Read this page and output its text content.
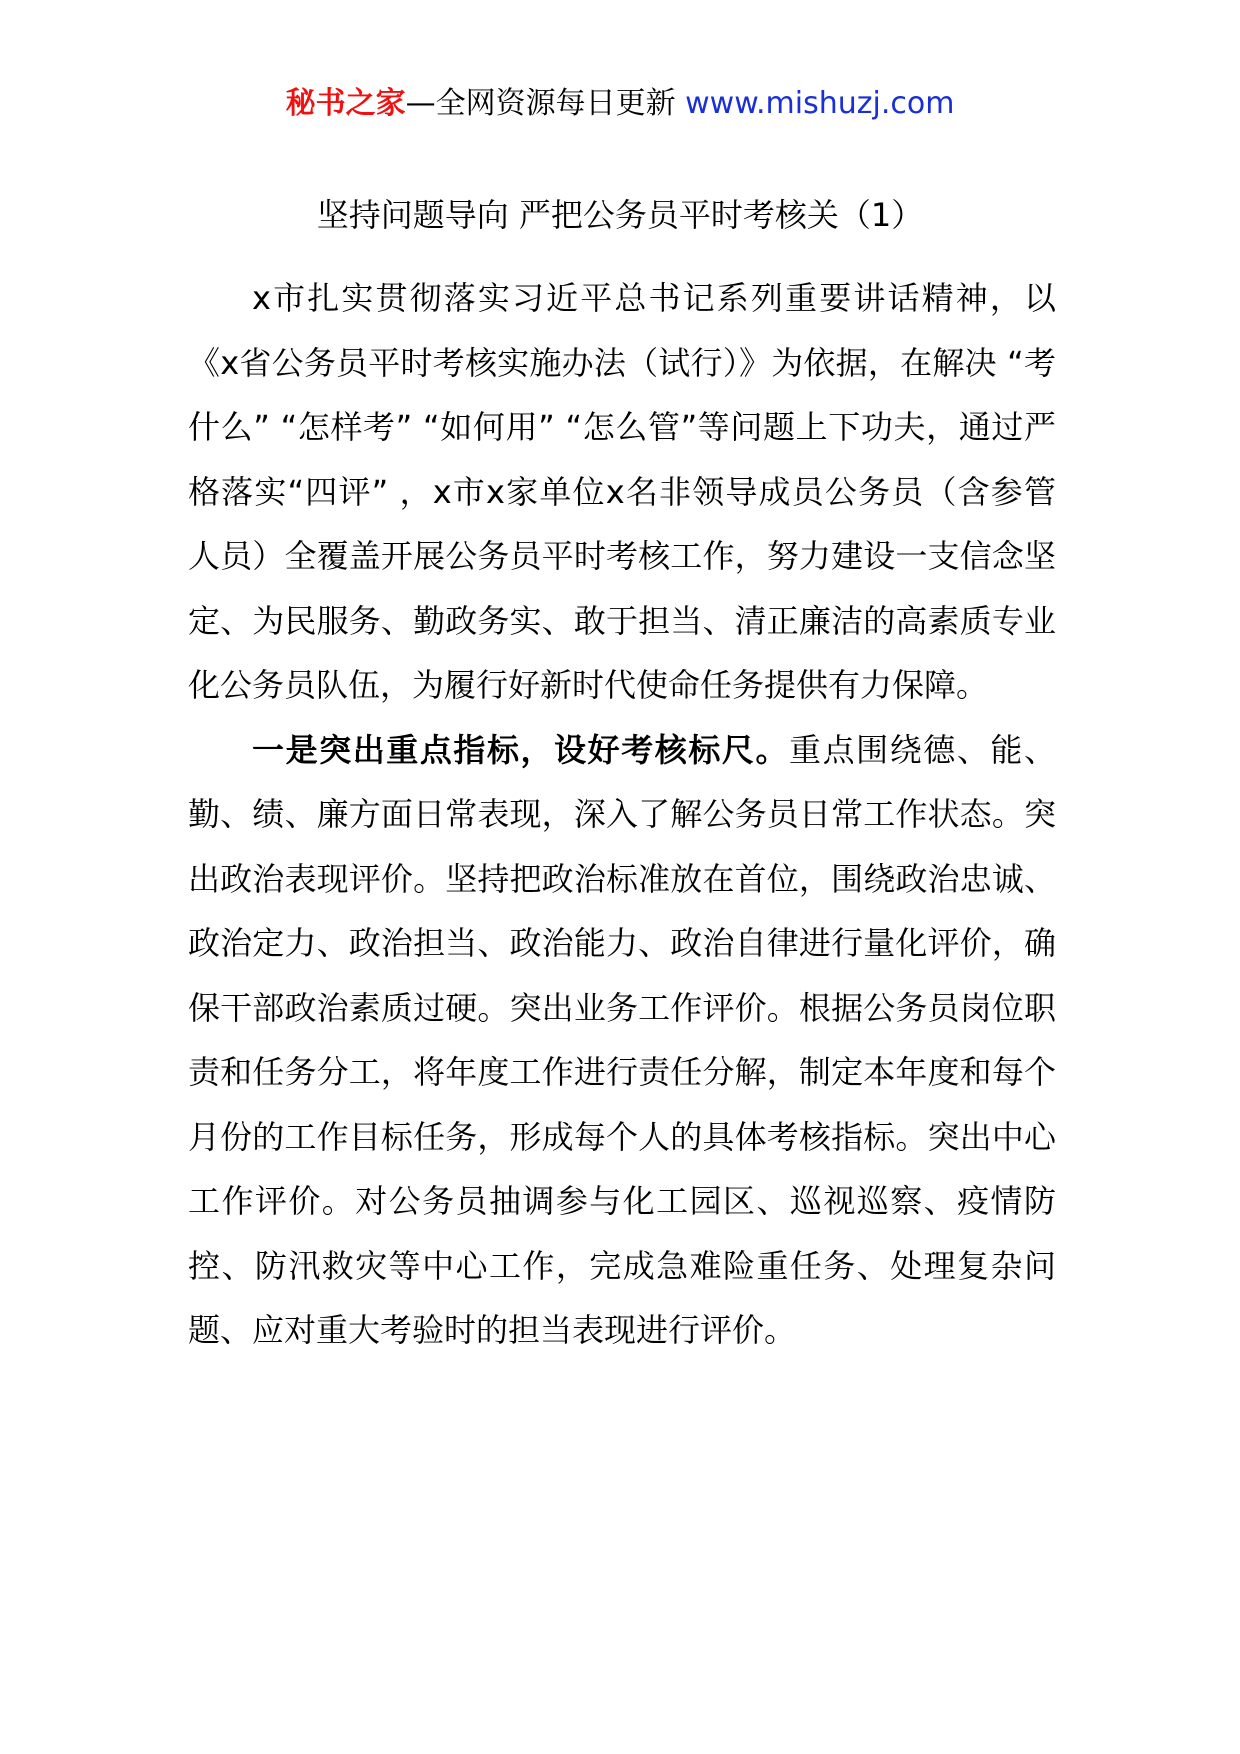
秘书之家—全网资源每日更新 www.mishuzj.com
坚持问题导向 严把公务员平时考核关（1）

x市扎实贯彻落实习近平总书记系列重要讲话精神，以《x省公务员平时考核实施办法（试行）》为依据，在解决 “考什么” “怎样考” “如何用” “怎么管”等问题上下功夫，通过严格落实“四评” ，x市x家单位x名非领导成员公务员（含参管人员）全覆盖开展公务员平时考核工作，努力建设一支信念坚定、为民服务、勤政务实、敢于担当、清正廉洁的高素质专业化公务员队伍，为履行好新时代使命任务提供有力保障。

一是突出重点指标，设好考核标尺。重点围绕德、能、勤、绩、廉方面日常表现，深入了解公务员日常工作状态。突出政治表现评价。坚持把政治标准放在首位，围绕政治忠诚、政治定力、政治担当、政治能力、政治自律进行量化评价，确保干部政治素质过硬。突出业务工作评价。根据公务员岗位职责和任务分工，将年度工作进行责任分解，制定本年度和每个月份的工作目标任务，形成每个人的具体考核指标。突出中心工作评价。对公务员抽调参与化工园区、巡视巡察、疫情防控、防汛救灾等中心工作，完成急难险重任务、处理复杂问题、应对重大考验时的担当表现进行评价。
